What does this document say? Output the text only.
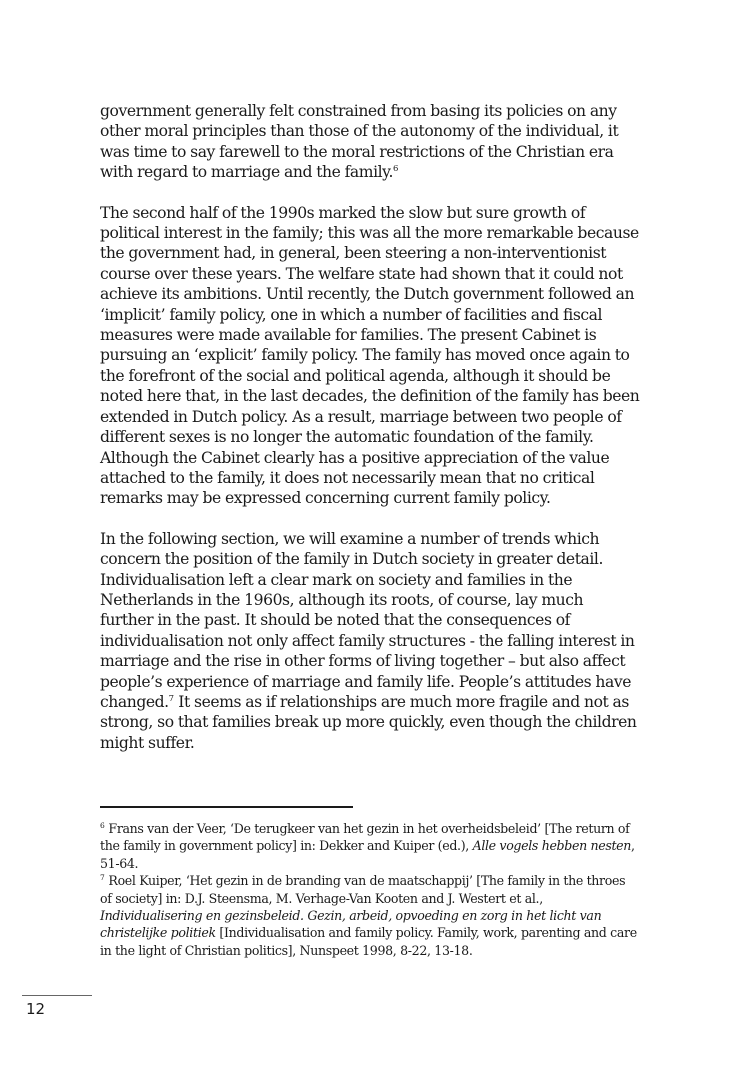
government generally felt constrained from basing its policies on any other moral principles than those of the autonomy of the individual, it was time to say farewell to the moral restrictions of the Christian era with regard to marriage and the family.$^6$

The second half of the 1990s marked the slow but sure growth of political interest in the family; this was all the more remarkable because the government had, in general, been steering a non-interventionist course over these years. The welfare state had shown that it could not achieve its ambitions. Until recently, the Dutch government followed an ‘implicit’ family policy, one in which a number of facilities and fiscal measures were made available for families. The present Cabinet is pursuing an ‘explicit’ family policy. The family has moved once again to the forefront of the social and political agenda, although it should be noted here that, in the last decades, the definition of the family has been extended in Dutch policy. As a result, marriage between two people of different sexes is no longer the automatic foundation of the family. Although the Cabinet clearly has a positive appreciation of the value attached to the family, it does not necessarily mean that no critical remarks may be expressed concerning current family policy.

In the following section, we will examine a number of trends which concern the position of the family in Dutch society in greater detail. Individualisation left a clear mark on society and families in the Netherlands in the 1960s, although its roots, of course, lay much further in the past. It should be noted that the consequences of individualisation not only affect family structures - the falling interest in marriage and the rise in other forms of living together – but also affect people’s experience of marriage and family life. People’s attitudes have changed.$^7$ It seems as if relationships are much more fragile and not as strong, so that families break up more quickly, even though the children might suffer.

$^6$ Frans van der Veer, ‘De terugkeer van het gezin in het overheidsbeleid’ [The return of the family in government policy] in: Dekker and Kuiper (ed.), Alle vogels hebben nesten, 51-64.

$^7$ Roel Kuiper, ‘Het gezin in de branding van de maatschappij’ [The family in the throes of society] in: D.J. Steensma, M. Verhage-Van Kooten and J. Westert et al., Individualisering en gezinsbeleid. Gezin, arbeid, opvoeding en zorg in het licht van christelijke politiek [Individualisation and family policy. Family, work, parenting and care in the light of Christian politics], Nunspeet 1998, 8-22, 13-18.

12
